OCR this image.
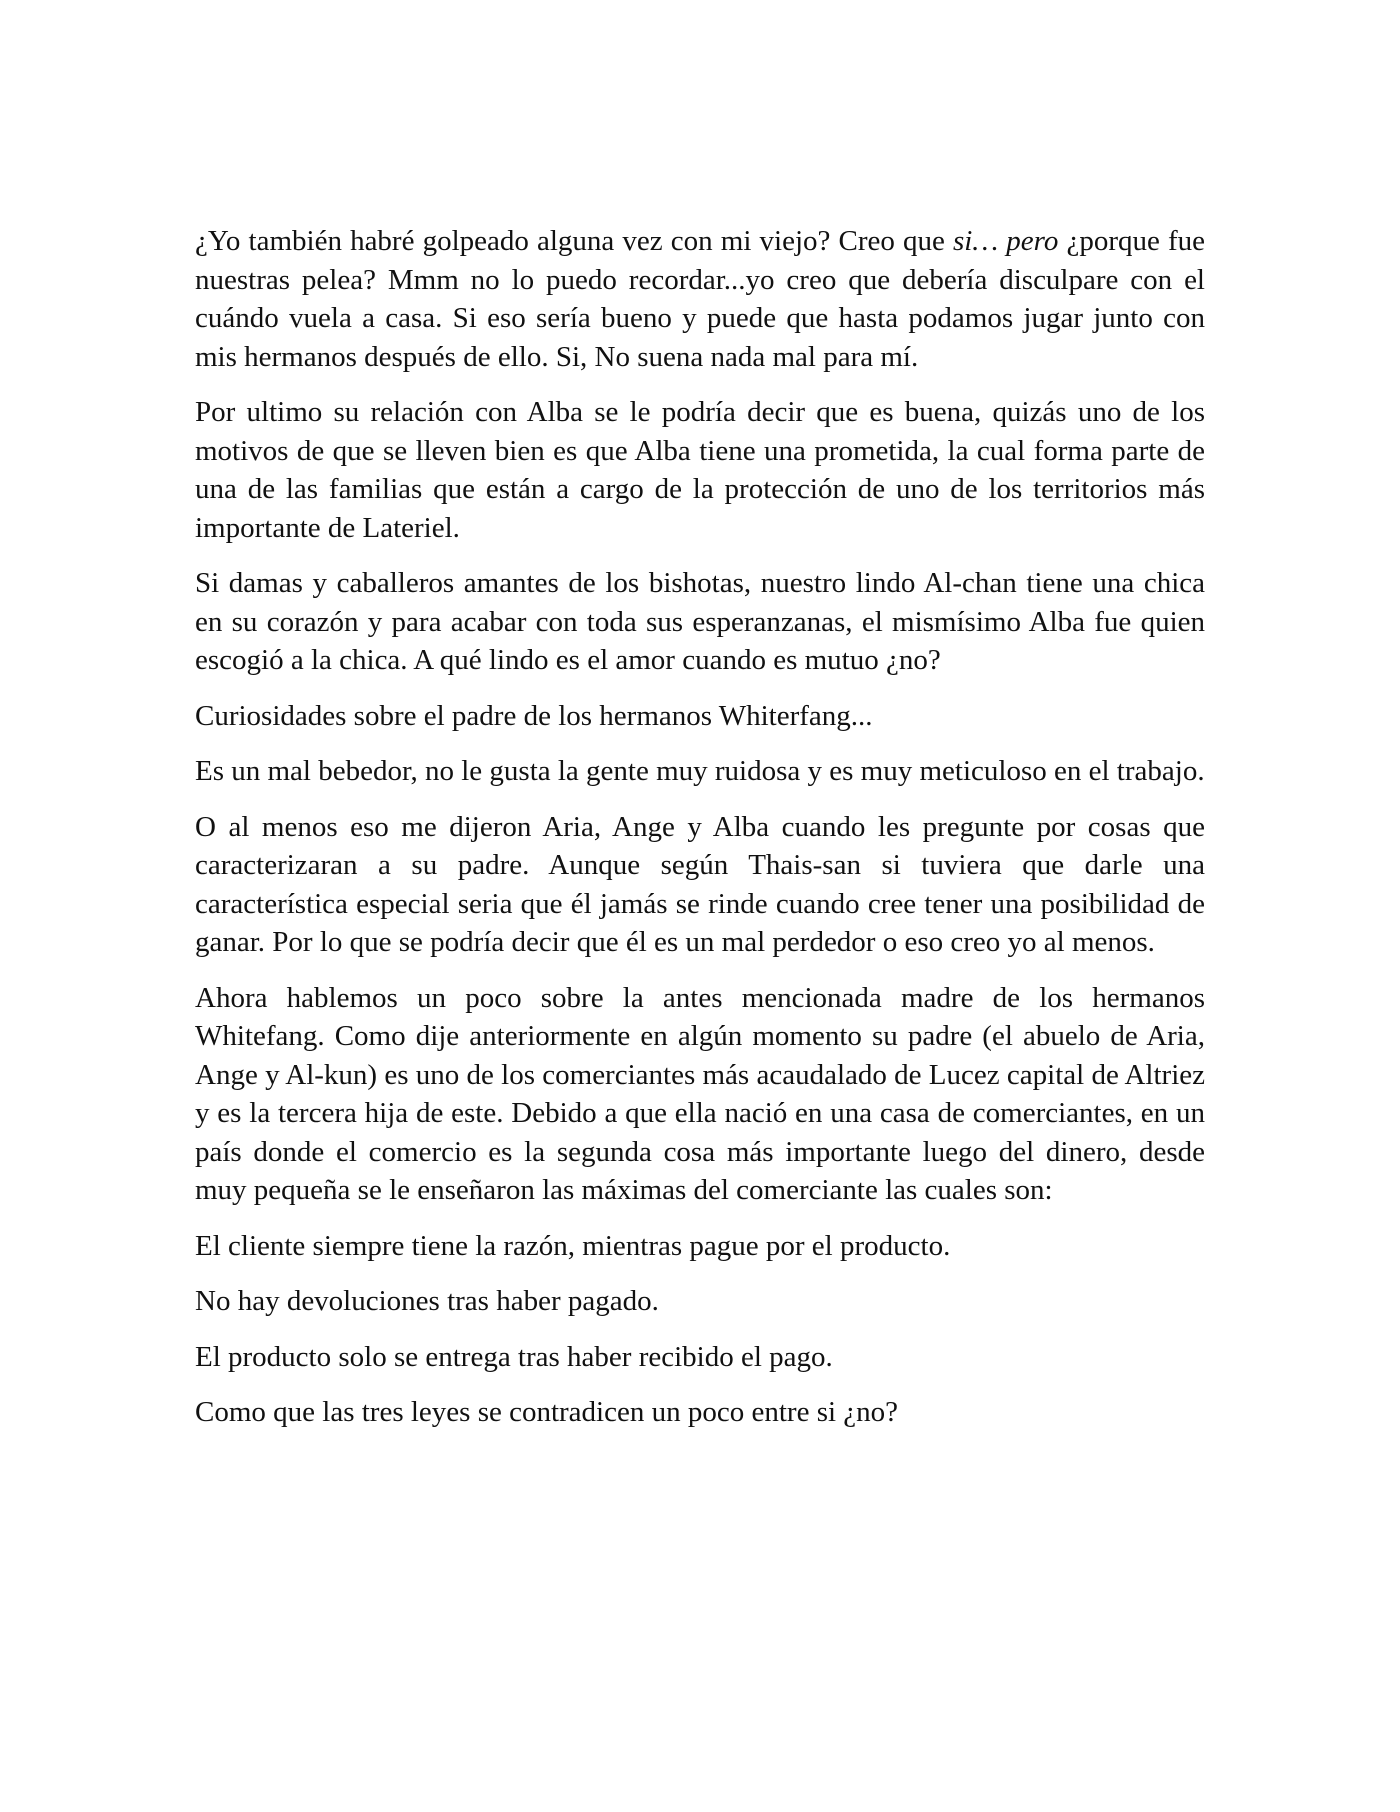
¿Yo también habré golpeado alguna vez con mi viejo? Creo que si… pero ¿porque fue nuestras pelea? Mmm no lo puedo recordar...yo creo que debería disculpare con el cuándo vuela a casa. Si eso sería bueno y puede que hasta podamos jugar junto con mis hermanos después de ello. Si, No suena nada mal para mí.

Por ultimo su relación con Alba se le podría decir que es buena, quizás uno de los motivos de que se lleven bien es que Alba tiene una prometida, la cual forma parte de una de las familias que están a cargo de la protección de uno de los territorios más importante de Lateriel.

Si damas y caballeros amantes de los bishotas, nuestro lindo Al-chan tiene una chica en su corazón y para acabar con toda sus esperanzanas, el mismísimo Alba fue quien escogió a la chica. A qué lindo es el amor cuando es mutuo ¿no?

Curiosidades sobre el padre de los hermanos Whiterfang...

Es un mal bebedor, no le gusta la gente muy ruidosa y es muy meticuloso en el trabajo.

O al menos eso me dijeron Aria, Ange y Alba cuando les pregunte por cosas que caracterizaran a su padre. Aunque según Thais-san si tuviera que darle una característica especial seria que él jamás se rinde cuando cree tener una posibilidad de ganar. Por lo que se podría decir que él es un mal perdedor o eso creo yo al menos.

Ahora hablemos un poco sobre la antes mencionada madre de los hermanos Whitefang. Como dije anteriormente en algún momento su padre (el abuelo de Aria, Ange y Al-kun) es uno de los comerciantes más acaudalado de Lucez capital de Altriez y es la tercera hija de este. Debido a que ella nació en una casa de comerciantes, en un país donde el comercio es la segunda cosa más importante luego del dinero, desde muy pequeña se le enseñaron las máximas del comerciante las cuales son:

El cliente siempre tiene la razón, mientras pague por el producto.

No hay devoluciones tras haber pagado.

El producto solo se entrega tras haber recibido el pago.

Como que las tres leyes se contradicen un poco entre si ¿no?
